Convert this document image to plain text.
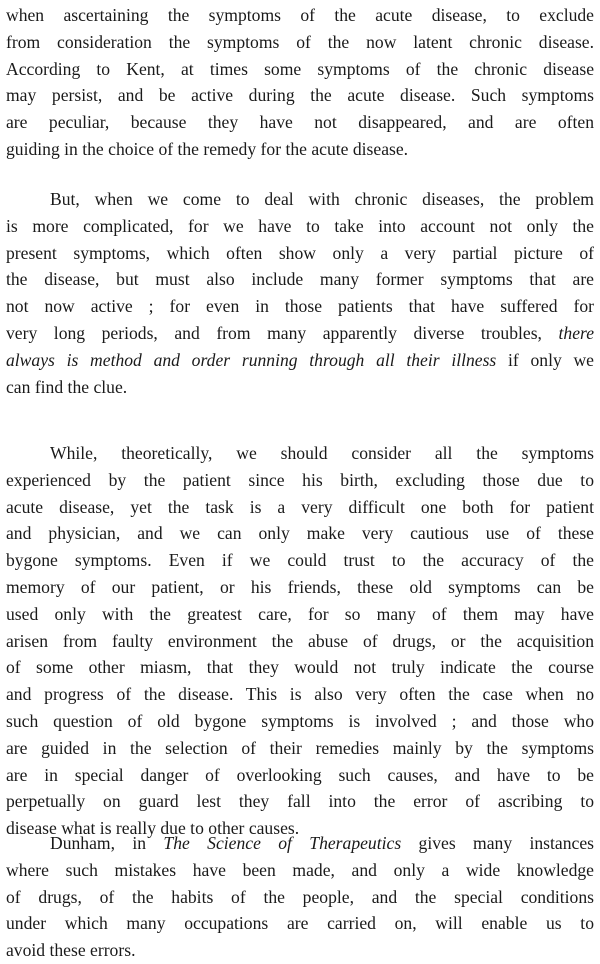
when ascertaining the symptoms of the acute disease, to exclude
from consideration the symptoms of the now latent chronic disease.
According to Kent, at times some symptoms of the chronic disease
may persist, and be active during the acute disease. Such symptoms
are peculiar, because they have not disappeared, and are often
guiding in the choice of the remedy for the acute disease.
But, when we come to deal with chronic diseases, the problem
is more complicated, for we have to take into account not only the
present symptoms, which often show only a very partial picture of
the disease, but must also include many former symptoms that are
not now active ; for even in those patients that have suffered for
very long periods, and from many apparently diverse troubles, there
always is method and order running through all their illness if only we
can find the clue.
While, theoretically, we should consider all the symptoms
experienced by the patient since his birth, excluding those due to
acute disease, yet the task is a very difficult one both for patient
and physician, and we can only make very cautious use of these
bygone symptoms. Even if we could trust to the accuracy of the
memory of our patient, or his friends, these old symptoms can be
used only with the greatest care, for so many of them may have
arisen from faulty environment the abuse of drugs, or the acquisition
of some other miasm, that they would not truly indicate the course
and progress of the disease. This is also very often the case when no
such question of old bygone symptoms is involved ; and those who
are guided in the selection of their remedies mainly by the symptoms
are in special danger of overlooking such causes, and have to be
perpetually on guard lest they fall into the error of ascribing to
disease what is really due to other causes.
Dunham, in The Science of Therapeutics gives many instances
where such mistakes have been made, and only a wide knowledge
of drugs, of the habits of the people, and the special conditions
under which many occupations are carried on, will enable us to
avoid these errors.
